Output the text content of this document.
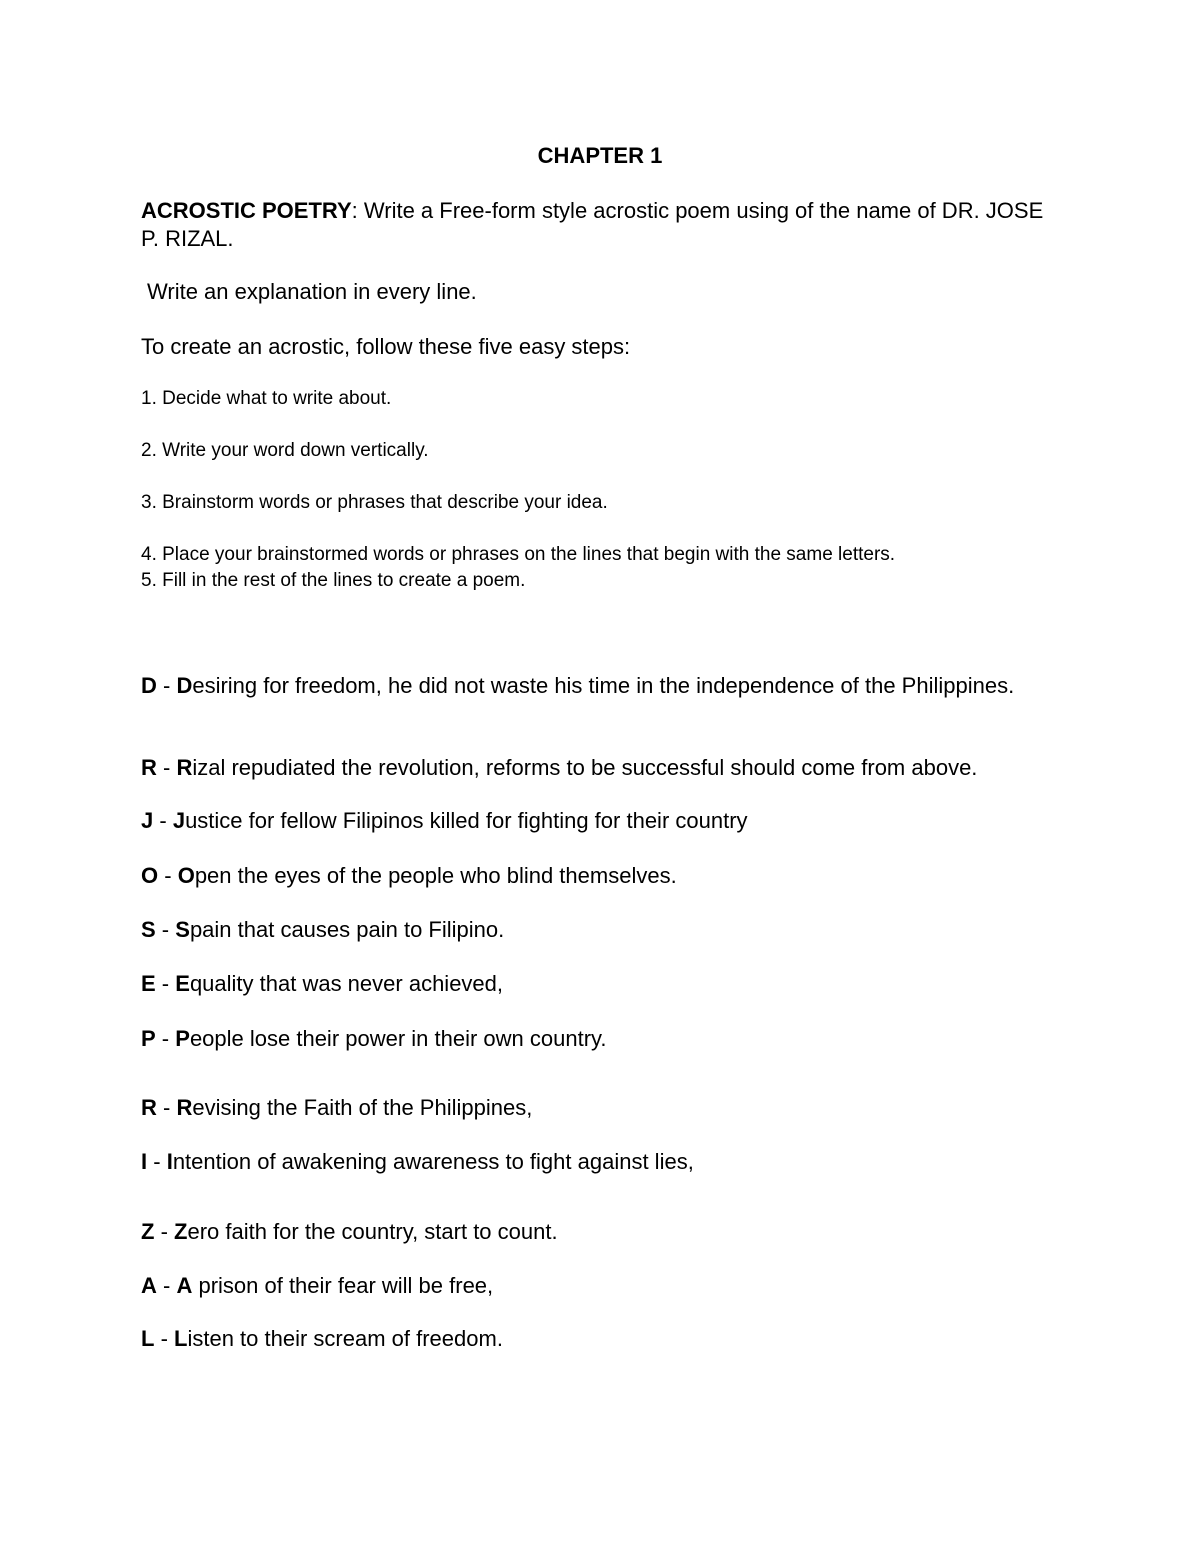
CHAPTER 1
ACROSTIC POETRY: Write a Free-form style acrostic poem using of the name of DR. JOSE P. RIZAL.
Write an explanation in every line.
To create an acrostic, follow these five easy steps:
1. Decide what to write about.
2. Write your word down vertically.
3. Brainstorm words or phrases that describe your idea.
4. Place your brainstormed words or phrases on the lines that begin with the same letters.
5. Fill in the rest of the lines to create a poem.
D - Desiring for freedom, he did not waste his time in the independence of the Philippines.
R - Rizal repudiated the revolution, reforms to be successful should come from above.
J - Justice for fellow Filipinos killed for fighting for their country
O - Open the eyes of the people who blind themselves.
S - Spain that causes pain to Filipino.
E - Equality that was never achieved,
P - People lose their power in their own country.
R - Revising the Faith of the Philippines,
I - Intention of awakening awareness to fight against lies,
Z - Zero faith for the country, start to count.
A - A prison of their fear will be free,
L - Listen to their scream of freedom.
